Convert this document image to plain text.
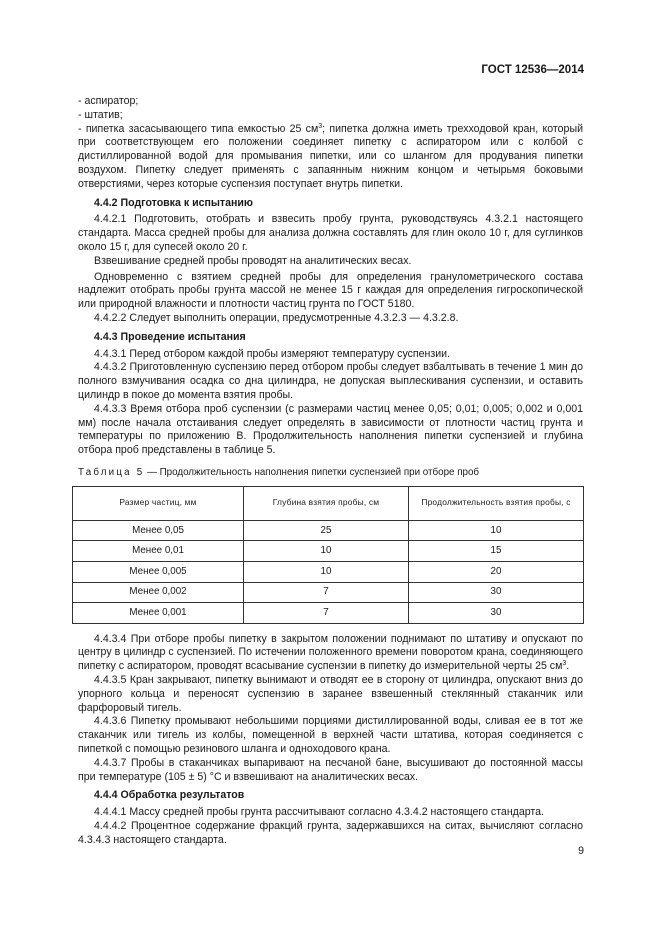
ГОСТ 12536—2014

- аспиратор;

- штатив;

- пипетка засасывающего типа емкостью 25 $см^3$; пипетка должна иметь трехходовой кран, который при соответствующем его положении соединяет пипетку с аспиратором или с колбой с дистиллированной водой для промывания пипетки, или со шлангом для продувания пипетки воздухом. Пипетку следует применять с запаянным нижним концом и четырьмя боковыми отверстиями, через которые суспензия поступает внутрь пипетки.

4.4.2 Подготовка к испытанию

4.4.2.1 Подготовить, отобрать и взвесить пробу грунта, руководствуясь 4.3.2.1 настоящего стандарта. Масса средней пробы для анализа должна составлять для глин около 10 г, для суглинков около 15 г, для супесей около 20 г.

Взвешивание средней пробы проводят на аналитических весах.

Одновременно с взятием средней пробы для определения гранулометрического состава надлежит отобрать пробы грунта массой не менее 15 г каждая для определения гигроскопической или природной влажности и плотности частиц грунта по ГОСТ 5180.

4.4.2.2 Следует выполнить операции, предусмотренные 4.3.2.3 — 4.3.2.8.

4.4.3 Проведение испытания

4.4.3.1 Перед отбором каждой пробы измеряют температуру суспензии.

4.4.3.2 Приготовленную суспензию перед отбором пробы следует взбалтывать в течение 1 мин до полного взмучивания осадка со дна цилиндра, не допуская выплескивания суспензии, и оставить цилиндр в покое до момента взятия пробы.

4.4.3.3 Время отбора проб суспензии (с размерами частиц менее 0,05; 0,01; 0,005; 0,002 и 0,001 мм) после начала отстаивания следует определять в зависимости от плотности частиц грунта и температуры по приложению В. Продолжительность наполнения пипетки суспензией и глубина отбора проб представлены в таблице 5.

Таблица 5 — Продолжительность наполнения пипетки суспензией при отборе проб

Размер частиц, мм	Глубина взятия пробы, см	Продолжительность взятия пробы, с
Менее 0,05	25	10
Менее 0,01	10	15
Менее 0,005	10	20
Менее 0,002	7	30
Менее 0,001	7	30

4.4.3.4 При отборе пробы пипетку в закрытом положении поднимают по штативу и опускают по центру в цилиндр с суспензией. По истечении положенного времени поворотом крана, соединяющего пипетку с аспиратором, проводят всасывание суспензии в пипетку до измерительной черты 25 $см^3$.

4.4.3.5 Кран закрывают, пипетку вынимают и отводят ее в сторону от цилиндра, опускают вниз до упорного кольца и переносят суспензию в заранее взвешенный стеклянный стаканчик или фарфоровый тигель.

4.4.3.6 Пипетку промывают небольшими порциями дистиллированной воды, сливая ее в тот же стаканчик или тигель из колбы, помещенной в верхней части штатива, которая соединяется с пипеткой с помощью резинового шланга и одноходового крана.

4.4.3.7 Пробы в стаканчиках выпаривают на песчаной бане, высушивают до постоянной массы при температуре (105 ± 5) °С и взвешивают на аналитических весах.

4.4.4 Обработка результатов

4.4.4.1 Массу средней пробы грунта рассчитывают согласно 4.3.4.2 настоящего стандарта.

4.4.4.2 Процентное содержание фракций грунта, задержавшихся на ситах, вычисляют согласно 4.3.4.3 настоящего стандарта.

9
